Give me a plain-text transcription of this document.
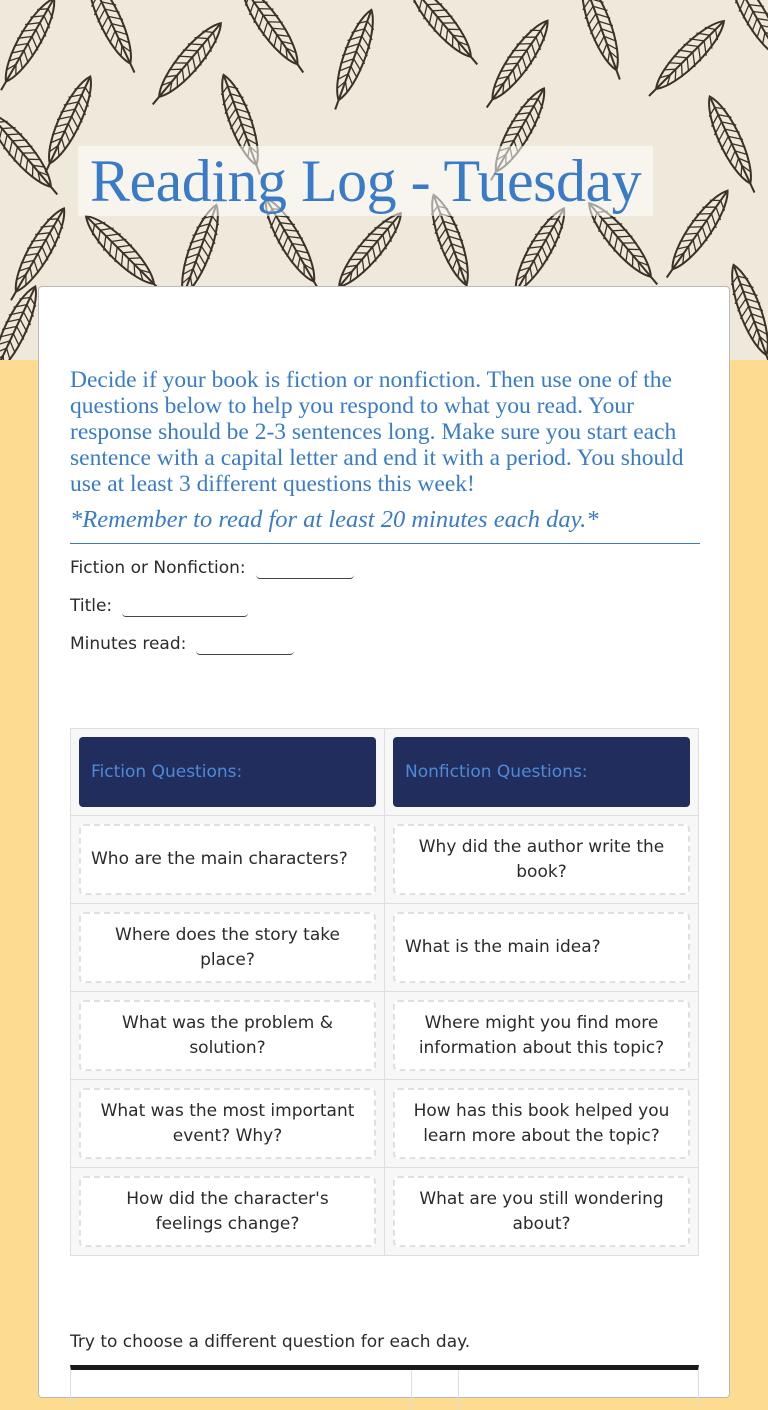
Reading Log - Tuesday

Decide if your book is fiction or nonfiction. Then use one of the questions below to help you respond to what you read. Your response should be 2-3 sentences long. Make sure you start each sentence with a capital letter and end it with a period. You should use at least 3 different questions this week!

*Remember to read for at least 20 minutes each day.*

Fiction or Nonfiction:
Title:
Minutes read:
Fiction Questions:	Nonfiction Questions:

Who are the main characters?	Why did the author write the book?

Where does the story take place?	What is the main idea?

What was the problem & solution?	Where might you find more information about this topic?

What was the most important event? Why?	How has this book helped you learn more about the topic?

How did the character's feelings change?	What are you still wondering about?
Try to choose a different question for each day.
